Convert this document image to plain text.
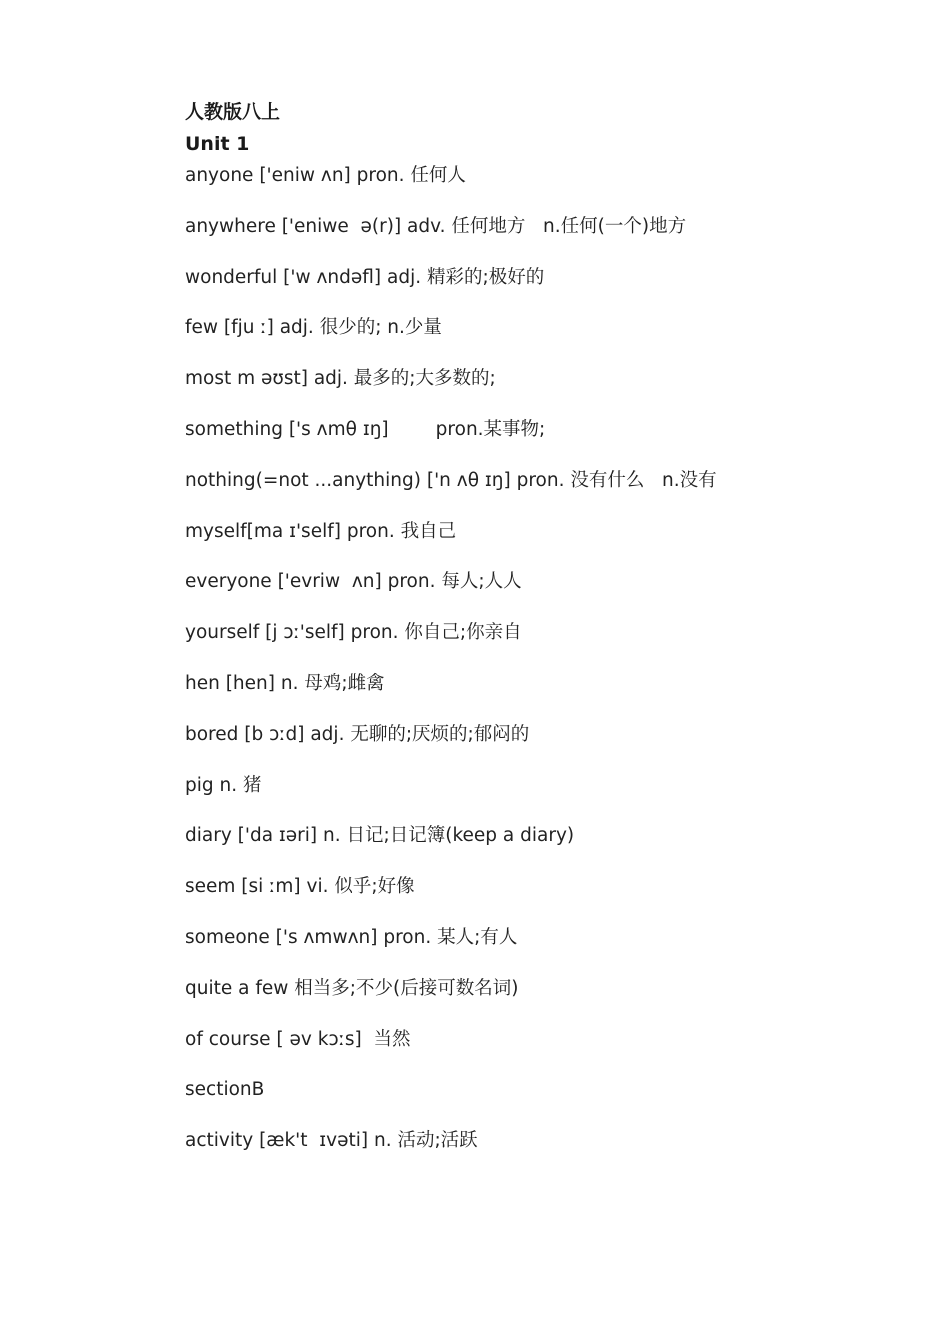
人教版八上
Unit 1
anyone ['eniw ʌn] pron. 任何人
anywhere ['eniwe  ə(r)] adv. 任何地方   n.任何(一个)地方
wonderful ['w ʌndəfl] adj. 精彩的;极好的
few [fju ː] adj. 很少的; n.少量
most m əʊst] adj. 最多的;大多数的;
something ['s ʌmθ ɪŋ]        pron.某事物;
nothing(=not ...anything) ['n ʌθ ɪŋ] pron. 没有什么   n.没有
myself[ma ɪ'self] pron. 我自己
everyone ['evriw  ʌn] pron. 每人;人人
yourself [j ɔː'self] pron. 你自己;你亲自
hen [hen] n. 母鸡;雌禽
bored [b ɔːd] adj. 无聊的;厌烦的;郁闷的
pig n. 猪
diary ['da ɪəri] n. 日记;日记簿(keep a diary)
seem [si ːm] vi. 似乎;好像
someone ['s ʌmwʌn] pron. 某人;有人
quite a few 相当多;不少(后接可数名词)
of course [ əv kɔːs]  当然
sectionB
activity [æk't  ɪvəti] n. 活动;活跃
